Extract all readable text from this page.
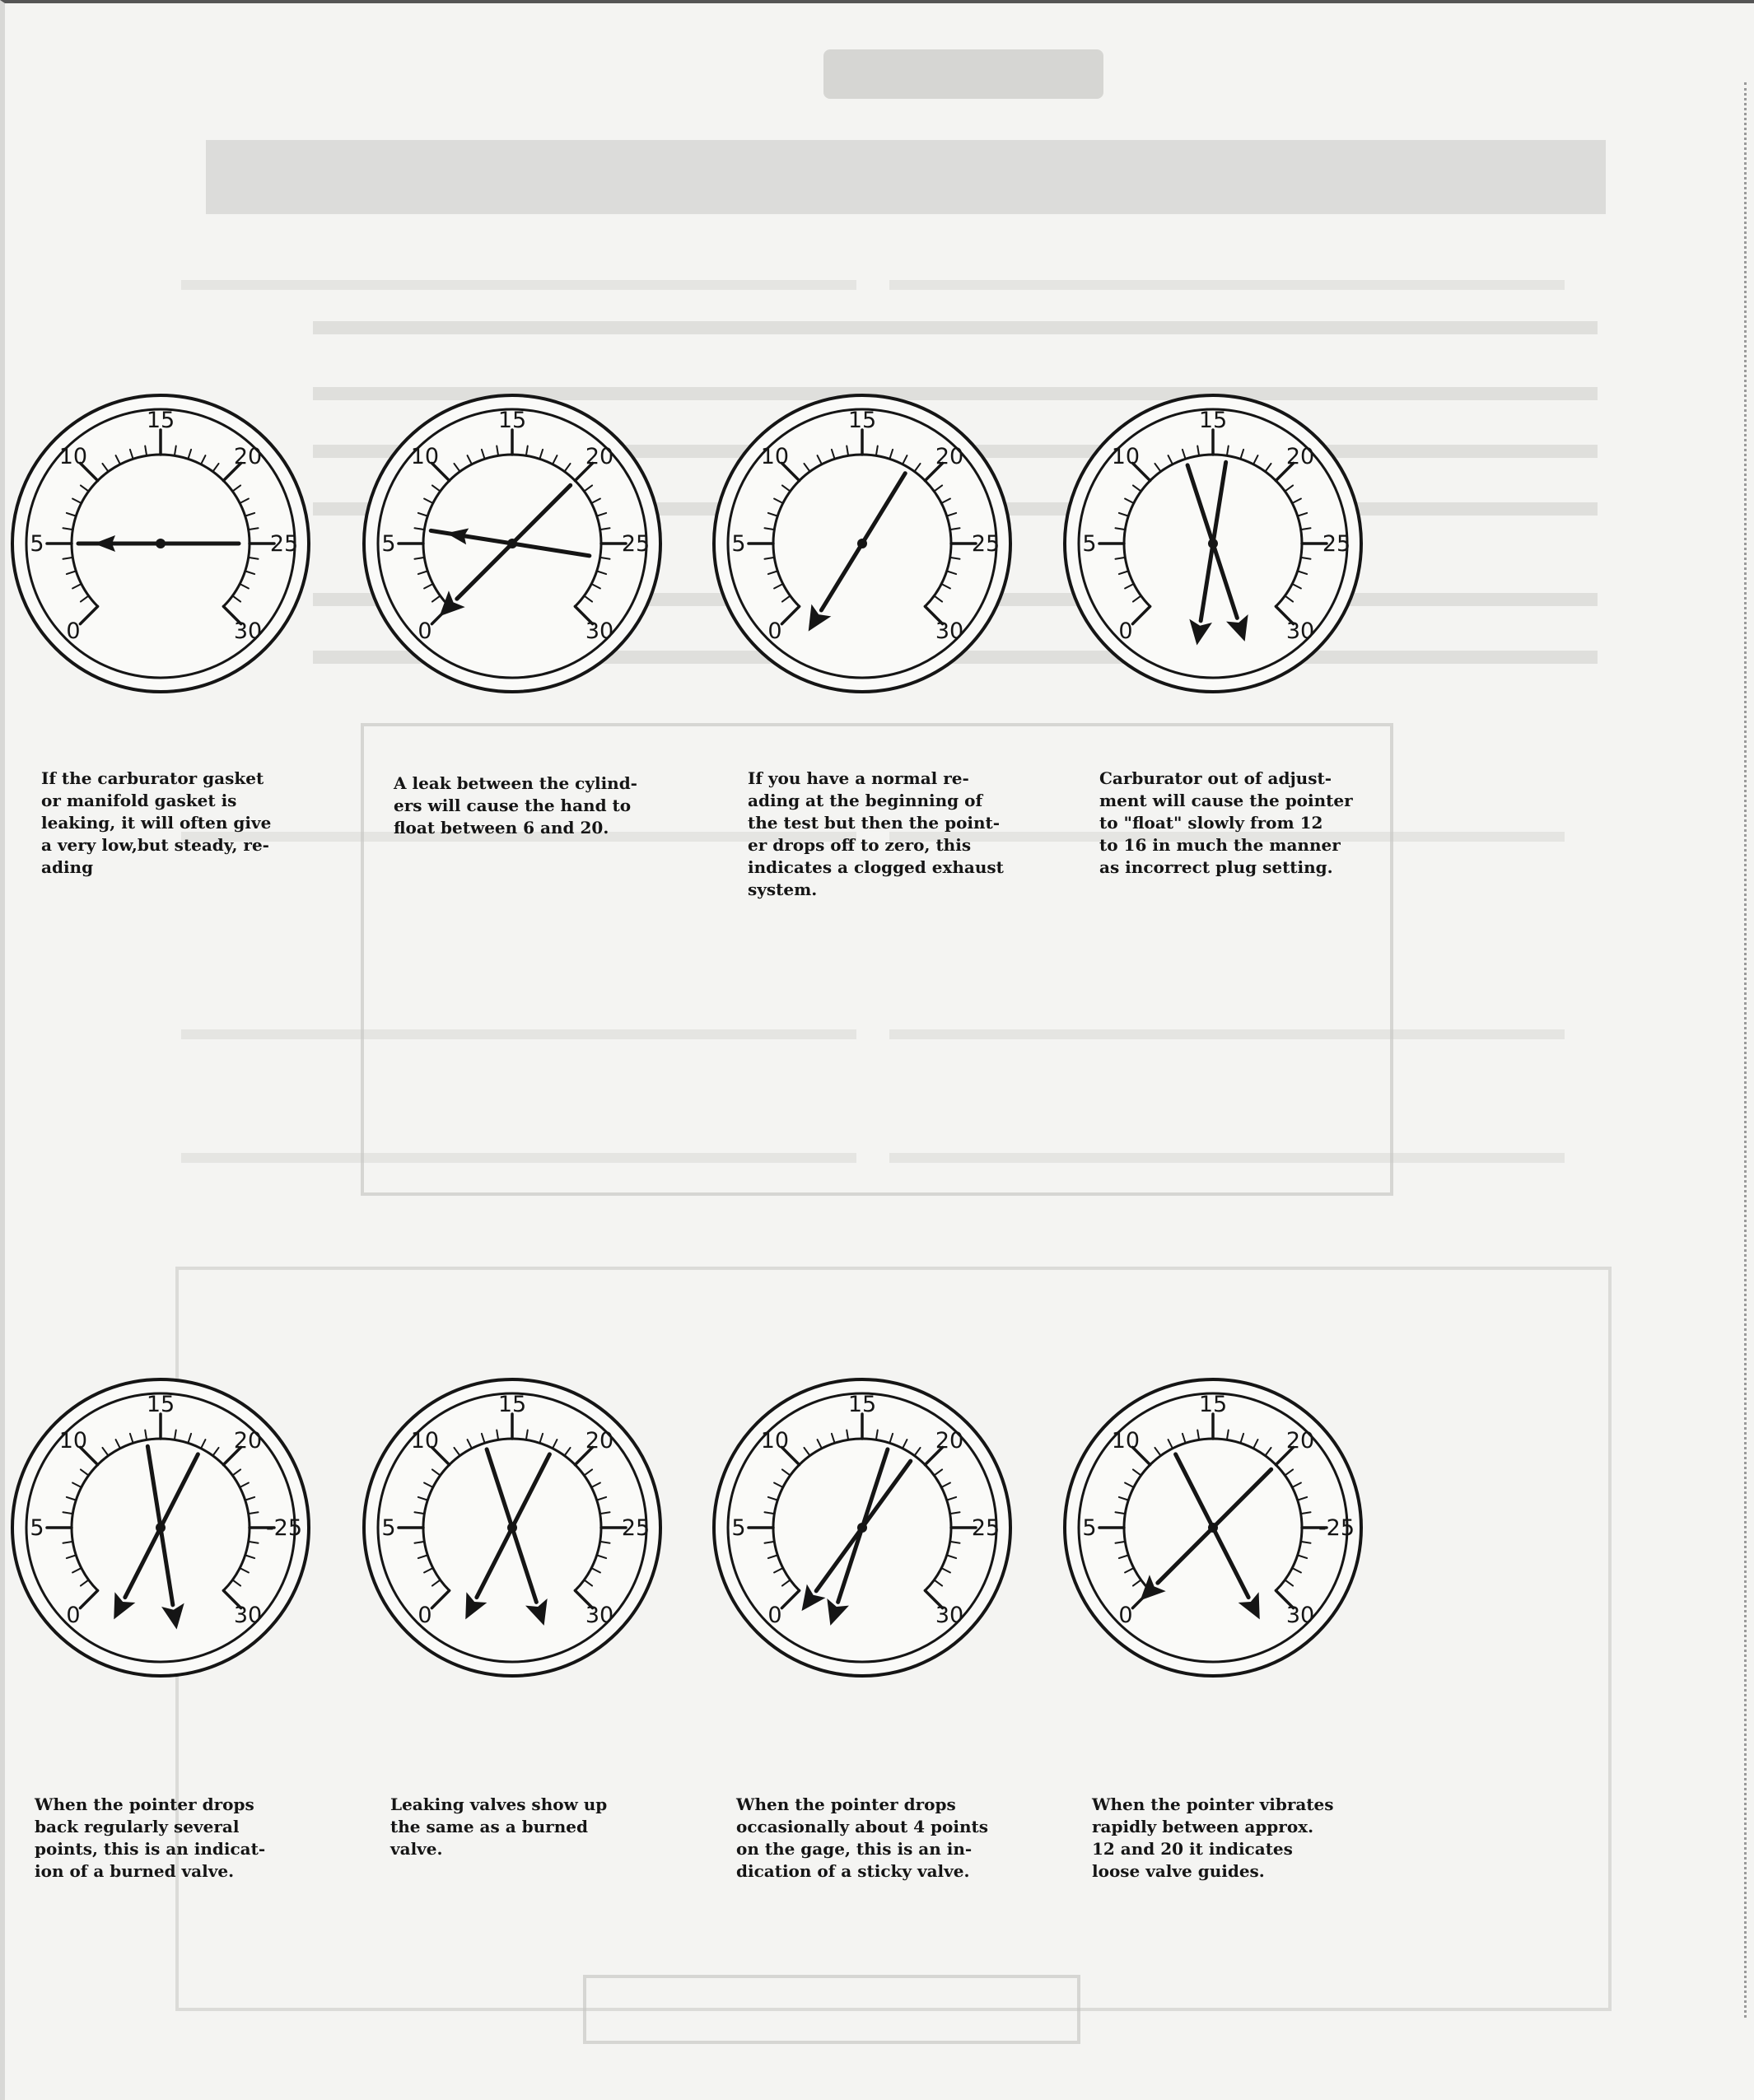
0
5
10
15
20
25
30	0
5
10
15
20
25
30	0
5
10
15
20
25
30	0
5
10
15
20
25
30
0
5
10
15
20
-25
30	0
5
10
15
20
25
30	0
5
10
15
20
25
30	0
5
10
15
20
-25
30

If the carburator gasket
or manifold gasket is
leaking, it will often give
a very low,but steady, re-
ading

A leak between the cylind-
ers will cause the hand to
float between 6 and 20.

If you have a normal re-
ading at the beginning of
the test but then the point-
er drops off to zero, this
indicates a clogged exhaust
system.

Carburator out of adjust-
ment will cause the pointer
to "float" slowly from 12
to 16 in much the manner
as incorrect plug setting.

When the pointer drops
back regularly several
points, this is an indicat-
ion of a burned valve.

Leaking valves show up
the same as a burned
valve.

When the pointer drops
occasionally about 4 points
on the gage, this is an in-
dication of a sticky valve.

When the pointer vibrates
rapidly between approx.
12 and 20 it indicates
loose valve guides.
